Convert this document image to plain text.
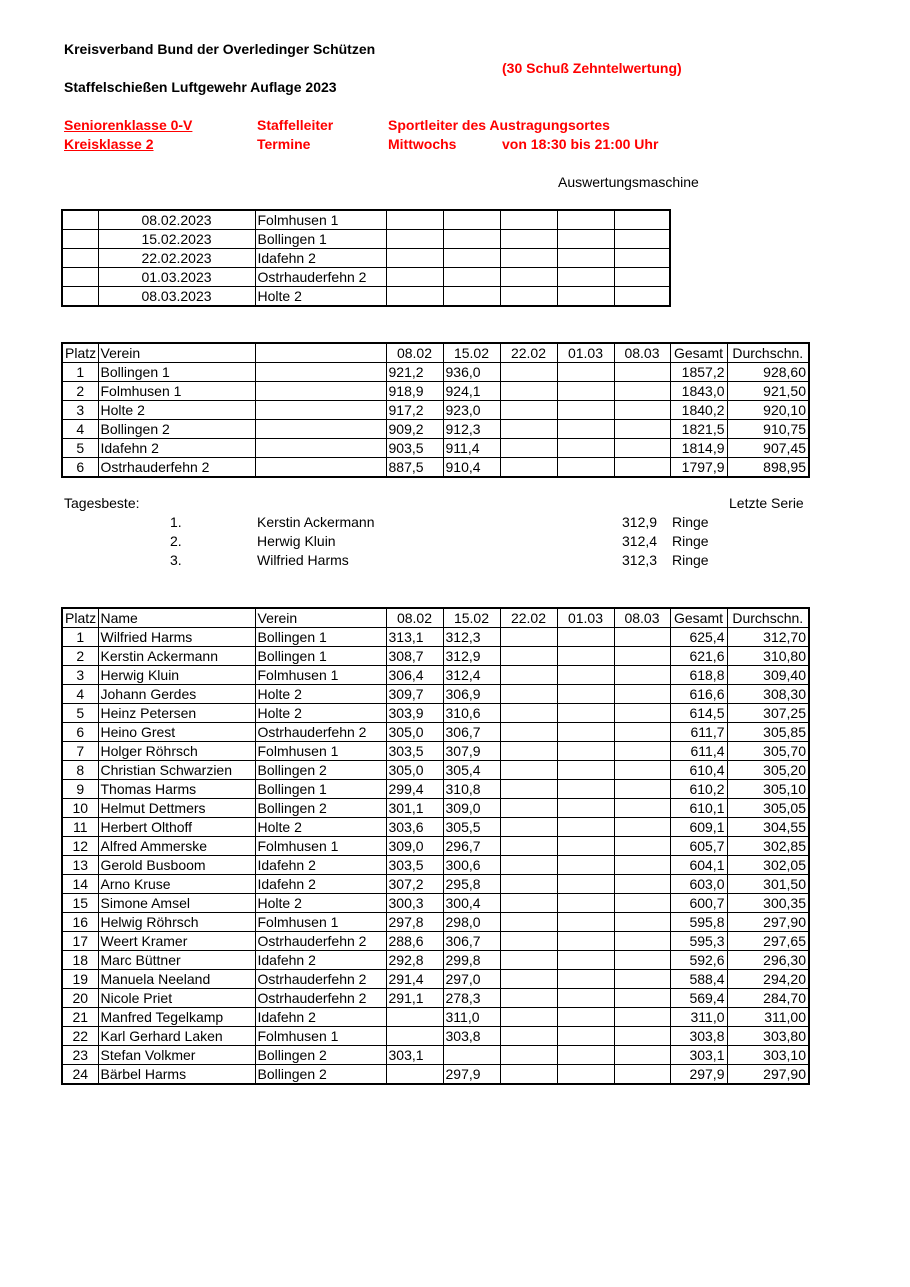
Kreisverband Bund der Overledinger Schützen
(30 Schuß Zehntelwertung)
Staffelschießen Luftgewehr Auflage 2023
Seniorenklasse 0-V
Kreisklasse 2
Staffelleiter
Termine
Sportleiter des Austragungsortes
Mittwochs	von 18:30 bis 21:00 Uhr
Auswertungsmaschine
	08.02.2023	Folmhusen 1					
	15.02.2023	Bollingen 1					
	22.02.2023	Idafehn 2					
	01.03.2023	Ostrhauderfehn 2					
	08.03.2023	Holte 2					
Platz	Verein		08.02	15.02	22.02	01.03	08.03	Gesamt	Durchschn.
1	Bollingen 1		921,2	936,0				1857,2	928,60
2	Folmhusen 1		918,9	924,1				1843,0	921,50
3	Holte 2		917,2	923,0				1840,2	920,10
4	Bollingen 2		909,2	912,3				1821,5	910,75
5	Idafehn 2		903,5	911,4				1814,9	907,45
6	Ostrhauderfehn 2		887,5	910,4				1797,9	898,95
Tagesbeste:	Letzte Serie
1.	Kerstin Ackermann	312,9 Ringe
2.	Herwig Kluin	312,4 Ringe
3.	Wilfried Harms	312,3 Ringe
Platz	Name	Verein	08.02	15.02	22.02	01.03	08.03	Gesamt	Durchschn.
1	Wilfried Harms	Bollingen 1	313,1	312,3				625,4	312,70
2	Kerstin Ackermann	Bollingen 1	308,7	312,9				621,6	310,80
3	Herwig Kluin	Folmhusen 1	306,4	312,4				618,8	309,40
4	Johann Gerdes	Holte 2	309,7	306,9				616,6	308,30
5	Heinz Petersen	Holte 2	303,9	310,6				614,5	307,25
6	Heino Grest	Ostrhauderfehn 2	305,0	306,7				611,7	305,85
7	Holger Röhrsch	Folmhusen 1	303,5	307,9				611,4	305,70
8	Christian Schwarzien	Bollingen 2	305,0	305,4				610,4	305,20
9	Thomas Harms	Bollingen 1	299,4	310,8				610,2	305,10
10	Helmut Dettmers	Bollingen 2	301,1	309,0				610,1	305,05
11	Herbert Olthoff	Holte 2	303,6	305,5				609,1	304,55
12	Alfred Ammerske	Folmhusen 1	309,0	296,7				605,7	302,85
13	Gerold Busboom	Idafehn 2	303,5	300,6				604,1	302,05
14	Arno Kruse	Idafehn 2	307,2	295,8				603,0	301,50
15	Simone Amsel	Holte 2	300,3	300,4				600,7	300,35
16	Helwig Röhrsch	Folmhusen 1	297,8	298,0				595,8	297,90
17	Weert Kramer	Ostrhauderfehn 2	288,6	306,7				595,3	297,65
18	Marc Büttner	Idafehn 2	292,8	299,8				592,6	296,30
19	Manuela Neeland	Ostrhauderfehn 2	291,4	297,0				588,4	294,20
20	Nicole Priet	Ostrhauderfehn 2	291,1	278,3				569,4	284,70
21	Manfred Tegelkamp	Idafehn 2		311,0				311,0	311,00
22	Karl Gerhard Laken	Folmhusen 1		303,8				303,8	303,80
23	Stefan Volkmer	Bollingen 2	303,1					303,1	303,10
24	Bärbel Harms	Bollingen 2		297,9				297,9	297,90
